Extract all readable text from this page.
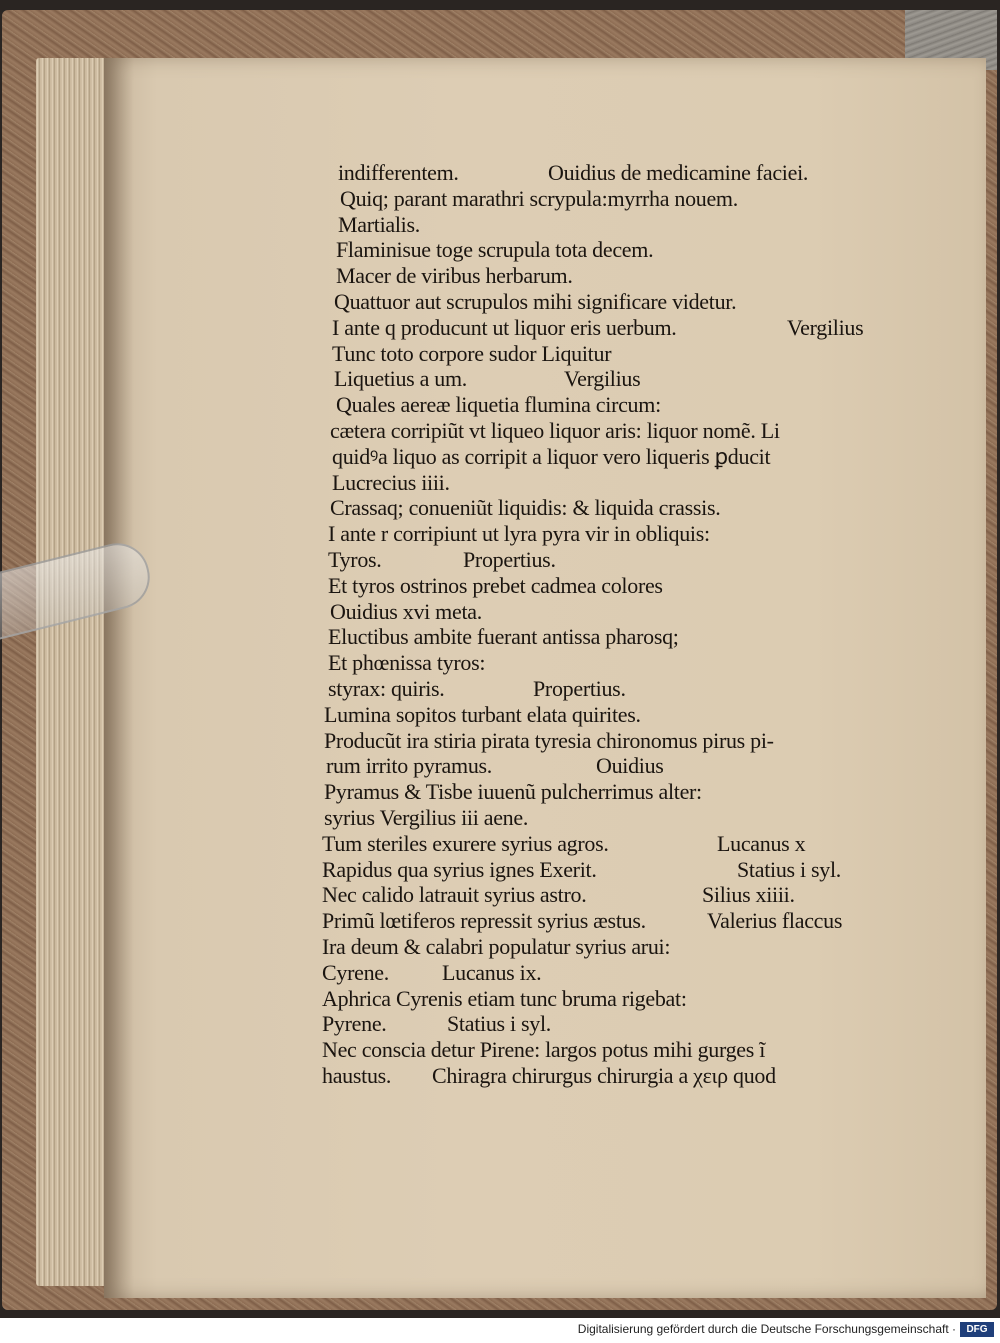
indifferentem.	Ouidius de medicamine faciei.
Quiq; parant marathri scrypula:myrrha nouem.
Martialis.
Flaminisue toge scrupula tota decem.
Macer de viribus herbarum.
Quattuor aut scrupulos mihi significare videtur.
I ante q producunt ut liquor eris uerbum.	Vergilius
Tunc toto corpore sudor Liquitur
Liquetius a um.	Vergilius
Quales aereæ liquetia flumina circum:
cætera corripiũt vt liqueo liquor aris: liquor nomẽ. Li
quidꝰa liquo as corripit a liquor vero liqueris ꝑducit
Lucrecius iiii.
Crassaq; conueniũt liquidis: & liquida crassis.
I ante r corripiunt ut lyra pyra vir in obliquis:
Tyros.	Propertius.
Et tyros ostrinos prebet cadmea colores
Ouidius xvi meta.
Eluctibus ambite fuerant antissa pharosq;
Et phœnissa tyros:
styrax: quiris.	Propertius.
Lumina sopitos turbant elata quirites.
Producũt ira stiria pirata tyresia chironomus pirus pi-
rum irrito pyramus.	Ouidius
Pyramus & Tisbe iuuenũ pulcherrimus alter:
syrius Vergilius iii aene.
Tum steriles exurere syrius agros.	Lucanus x
Rapidus qua syrius ignes Exerit.	Statius i syl.
Nec calido latrauit syrius astro.	Silius xiiii.
Primũ lœtiferos repressit syrius æstus.	Valerius flaccus
Ira deum & calabri populatur syrius arui:
Cyrene. Lucanus ix.
Aphrica Cyrenis etiam tunc bruma rigebat:
Pyrene.	Statius i syl.
Nec conscia detur Pirene: largos potus mihi gurges ĩ
haustus. Chiragra chirurgus chirurgia a χειρ quod
Digitalisierung gefördert durch die Deutsche Forschungsgemeinschaft ·	DFG
